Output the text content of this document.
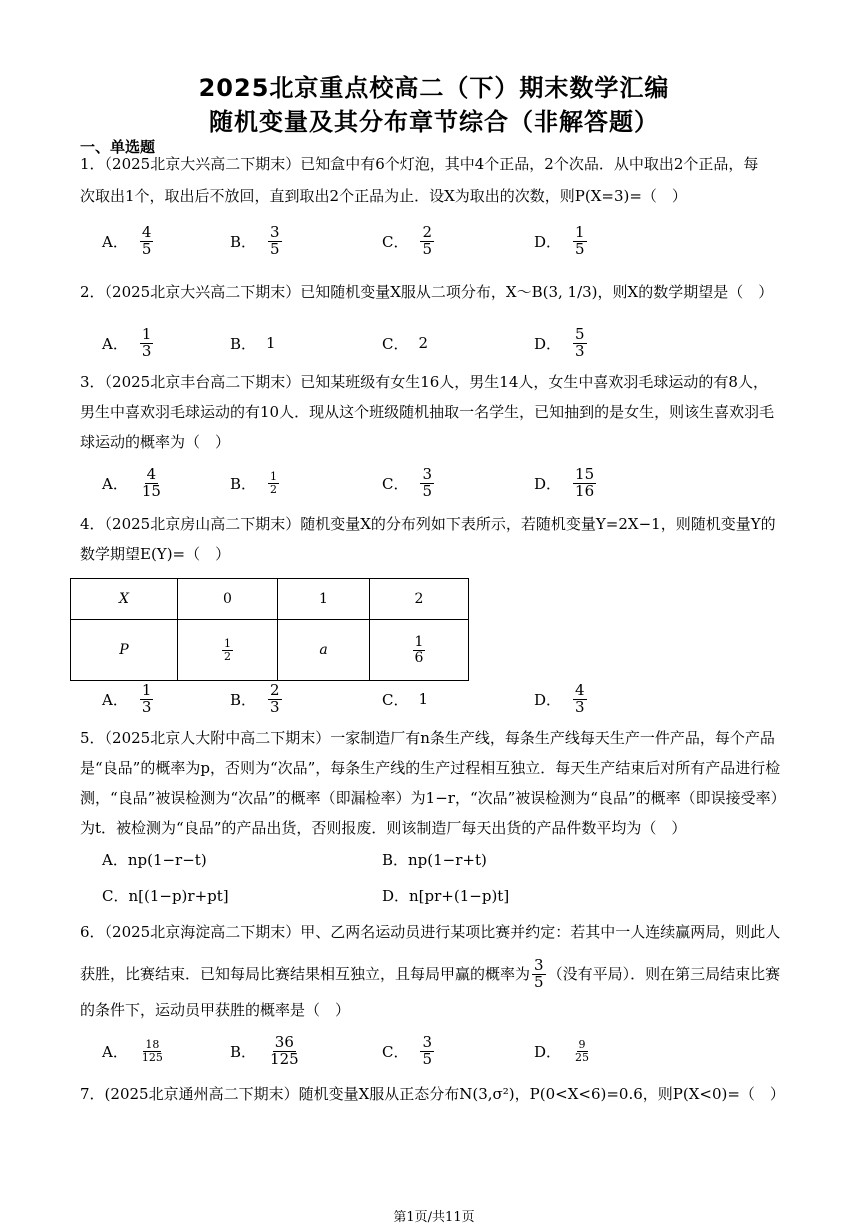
2025北京重点校高二（下）期末数学汇编
随机变量及其分布章节综合（非解答题）
一、单选题
1．（2025北京大兴高二下期末）已知盒中有6个灯泡，其中4个正品，2个次品．从中取出2个正品，每
次取出1个，取出后不放回，直到取出2个正品为止．设X为取出的次数，则P(X=3)=（　）
A． $\frac{4}{5}$	B． $\frac{3}{5}$	C． $\frac{2}{5}$	D． $\frac{1}{5}$
2．（2025北京大兴高二下期末）已知随机变量X服从二项分布，X～B(3, 1/3)，则X的数学期望是（　）
A． $\frac{1}{3}$	B． 1	C． 2	D． $\frac{5}{3}$
3．（2025北京丰台高二下期末）已知某班级有女生16人，男生14人，女生中喜欢羽毛球运动的有8人，
男生中喜欢羽毛球运动的有10人．现从这个班级随机抽取一名学生，已知抽到的是女生，则该生喜欢羽毛
球运动的概率为（　）
A． $\frac{4}{15}$	B． $\frac{1}{2}$	C． $\frac{3}{5}$	D． $\frac{15}{16}$
4．（2025北京房山高二下期末）随机变量X的分布列如下表所示，若随机变量Y=2X−1，则随机变量Y的
数学期望E(Y)=（　）
X	0	1	2
P	$\frac{1}{2}$	a	$\frac{1}{6}$
A． $\frac{1}{3}$	B． $\frac{2}{3}$	C． 1	D． $\frac{4}{3}$
5．（2025北京人大附中高二下期末）一家制造厂有n条生产线，每条生产线每天生产一件产品，每个产品
是“良品”的概率为p，否则为“次品”，每条生产线的生产过程相互独立．每天生产结束后对所有产品进行检
测，“良品”被误检测为“次品”的概率（即漏检率）为1−r，“次品”被误检测为“良品”的概率（即误接受率）
为t．被检测为“良品”的产品出货，否则报废．则该制造厂每天出货的产品件数平均为（　）
A．np(1−r−t)	B．np(1−r+t)
C．n[(1−p)r+pt]	D．n[pr+(1−p)t]
6．（2025北京海淀高二下期末）甲、乙两名运动员进行某项比赛并约定：若其中一人连续赢两局，则此人
获胜，比赛结束．已知每局比赛结果相互独立，且每局甲赢的概率为 $\frac{3}{5}$ （没有平局）．则在第三局结束比赛
的条件下，运动员甲获胜的概率是（　）
A． $\frac{18}{125}$	B． $\frac{36}{125}$	C． $\frac{3}{5}$	D． $\frac{9}{25}$
7．(2025北京通州高二下期末）随机变量X服从正态分布N(3,σ²)，P(0<X<6)=0.6，则P(X<0)=（　）
第1页/共11页
